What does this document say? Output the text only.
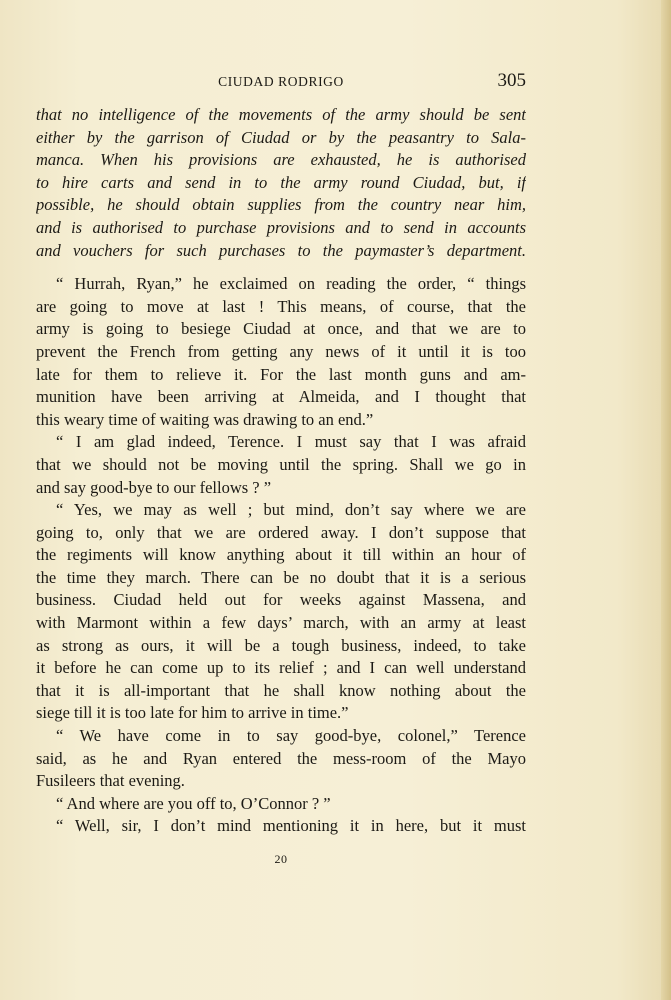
CIUDAD RODRIGO	305
that no intelligence of the movements of the army should be sent
either by the garrison of Ciudad or by the peasantry to Sala-
manca. When his provisions are exhausted, he is authorised
to hire carts and send in to the army round Ciudad, but, if
possible, he should obtain supplies from the country near him,
and is authorised to purchase provisions and to send in accounts
and vouchers for such purchases to the paymaster’s department.
“ Hurrah, Ryan,” he exclaimed on reading the order, “ things
are going to move at last ! This means, of course, that the
army is going to besiege Ciudad at once, and that we are to
prevent the French from getting any news of it until it is too
late for them to relieve it. For the last month guns and am-
munition have been arriving at Almeida, and I thought that
this weary time of waiting was drawing to an end.”
“ I am glad indeed, Terence. I must say that I was afraid
that we should not be moving until the spring. Shall we go in
and say good-bye to our fellows ? ”
“ Yes, we may as well ; but mind, don’t say where we are
going to, only that we are ordered away. I don’t suppose that
the regiments will know anything about it till within an hour of
the time they march. There can be no doubt that it is a serious
business. Ciudad held out for weeks against Massena, and
with Marmont within a few days’ march, with an army at least
as strong as ours, it will be a tough business, indeed, to take
it before he can come up to its relief ; and I can well understand
that it is all-important that he shall know nothing about the
siege till it is too late for him to arrive in time.”
“ We have come in to say good-bye, colonel,” Terence
said, as he and Ryan entered the mess-room of the Mayo
Fusileers that evening.
“ And where are you off to, O’Connor ? ”
“ Well, sir, I don’t mind mentioning it in here, but it must
20
